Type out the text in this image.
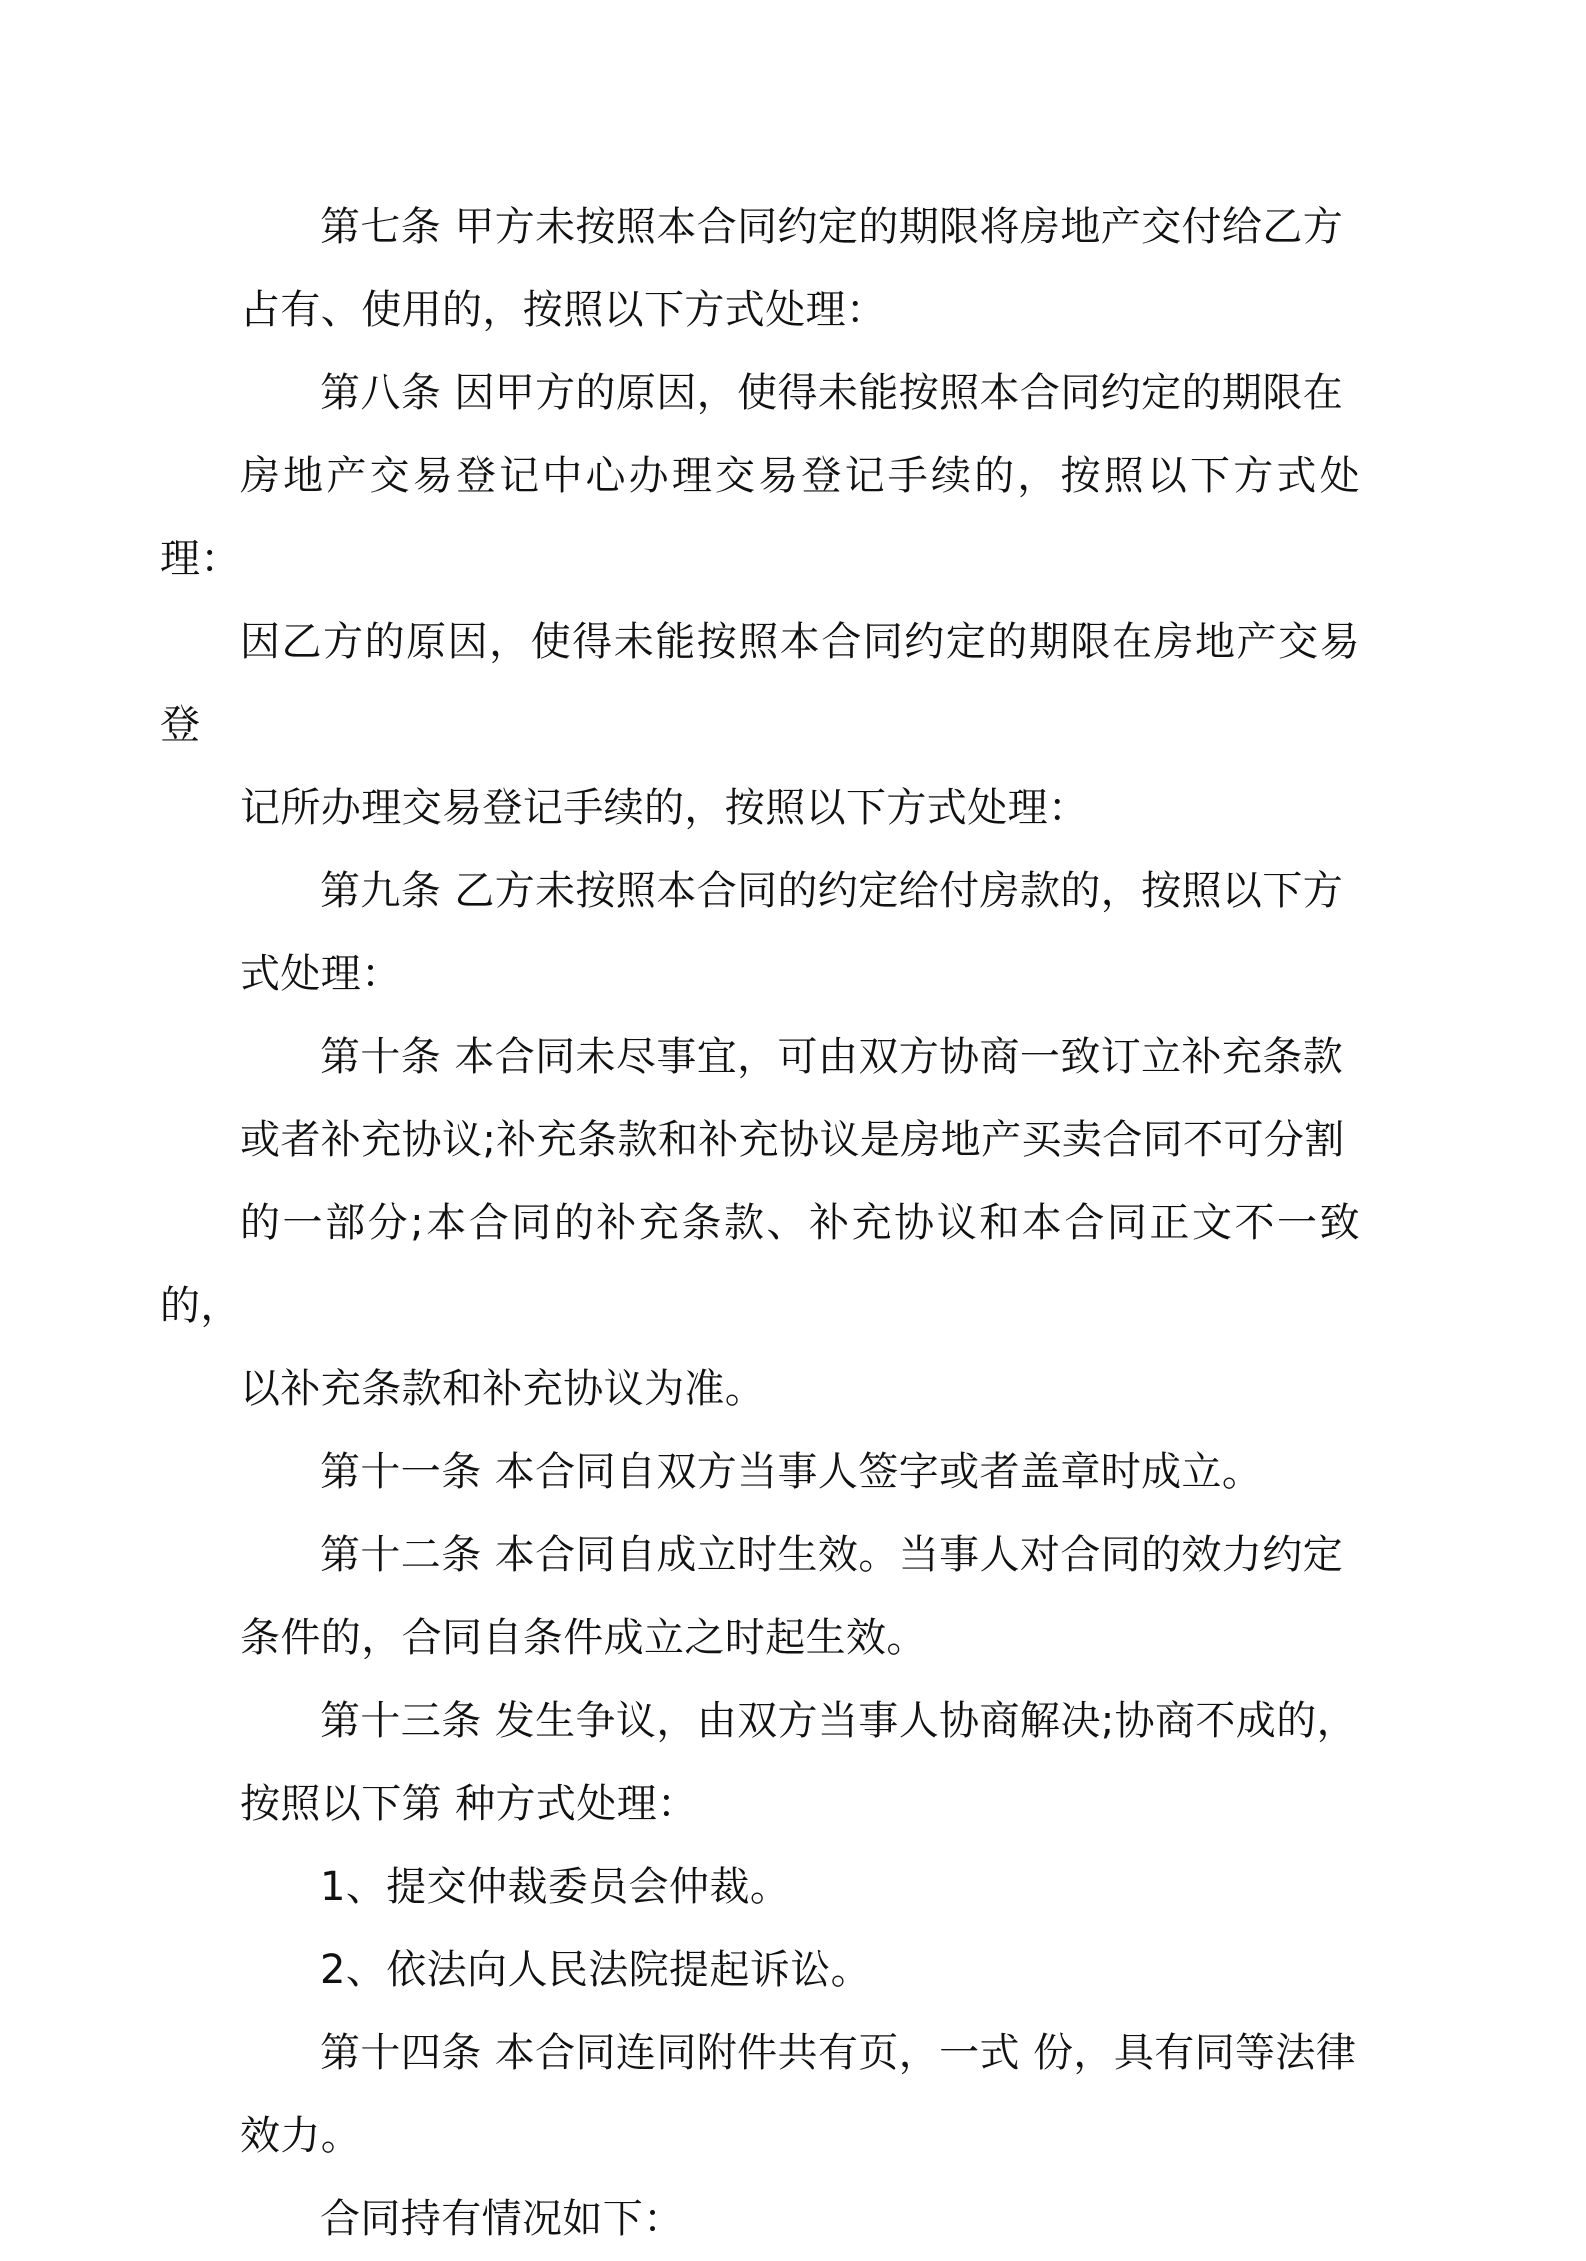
第七条 甲方未按照本合同约定的期限将房地产交付给乙方
占有、使用的，按照以下方式处理：

第八条 因甲方的原因，使得未能按照本合同约定的期限在
房地产交易登记中心办理交易登记手续的，按照以下方式处理：
因乙方的原因，使得未能按照本合同约定的期限在房地产交易登
记所办理交易登记手续的，按照以下方式处理：

第九条 乙方未按照本合同的约定给付房款的，按照以下方
式处理：

第十条 本合同未尽事宜，可由双方协商一致订立补充条款
或者补充协议;补充条款和补充协议是房地产买卖合同不可分割
的一部分;本合同的补充条款、补充协议和本合同正文不一致的，
以补充条款和补充协议为准。

第十一条 本合同自双方当事人签字或者盖章时成立。

第十二条 本合同自成立时生效。当事人对合同的效力约定
条件的，合同自条件成立之时起生效。

第十三条 发生争议，由双方当事人协商解决;协商不成的，
按照以下第 种方式处理：

1、提交仲裁委员会仲裁。

2、依法向人民法院提起诉讼。

第十四条 本合同连同附件共有页，一式 份，具有同等法律
效力。

合同持有情况如下：
